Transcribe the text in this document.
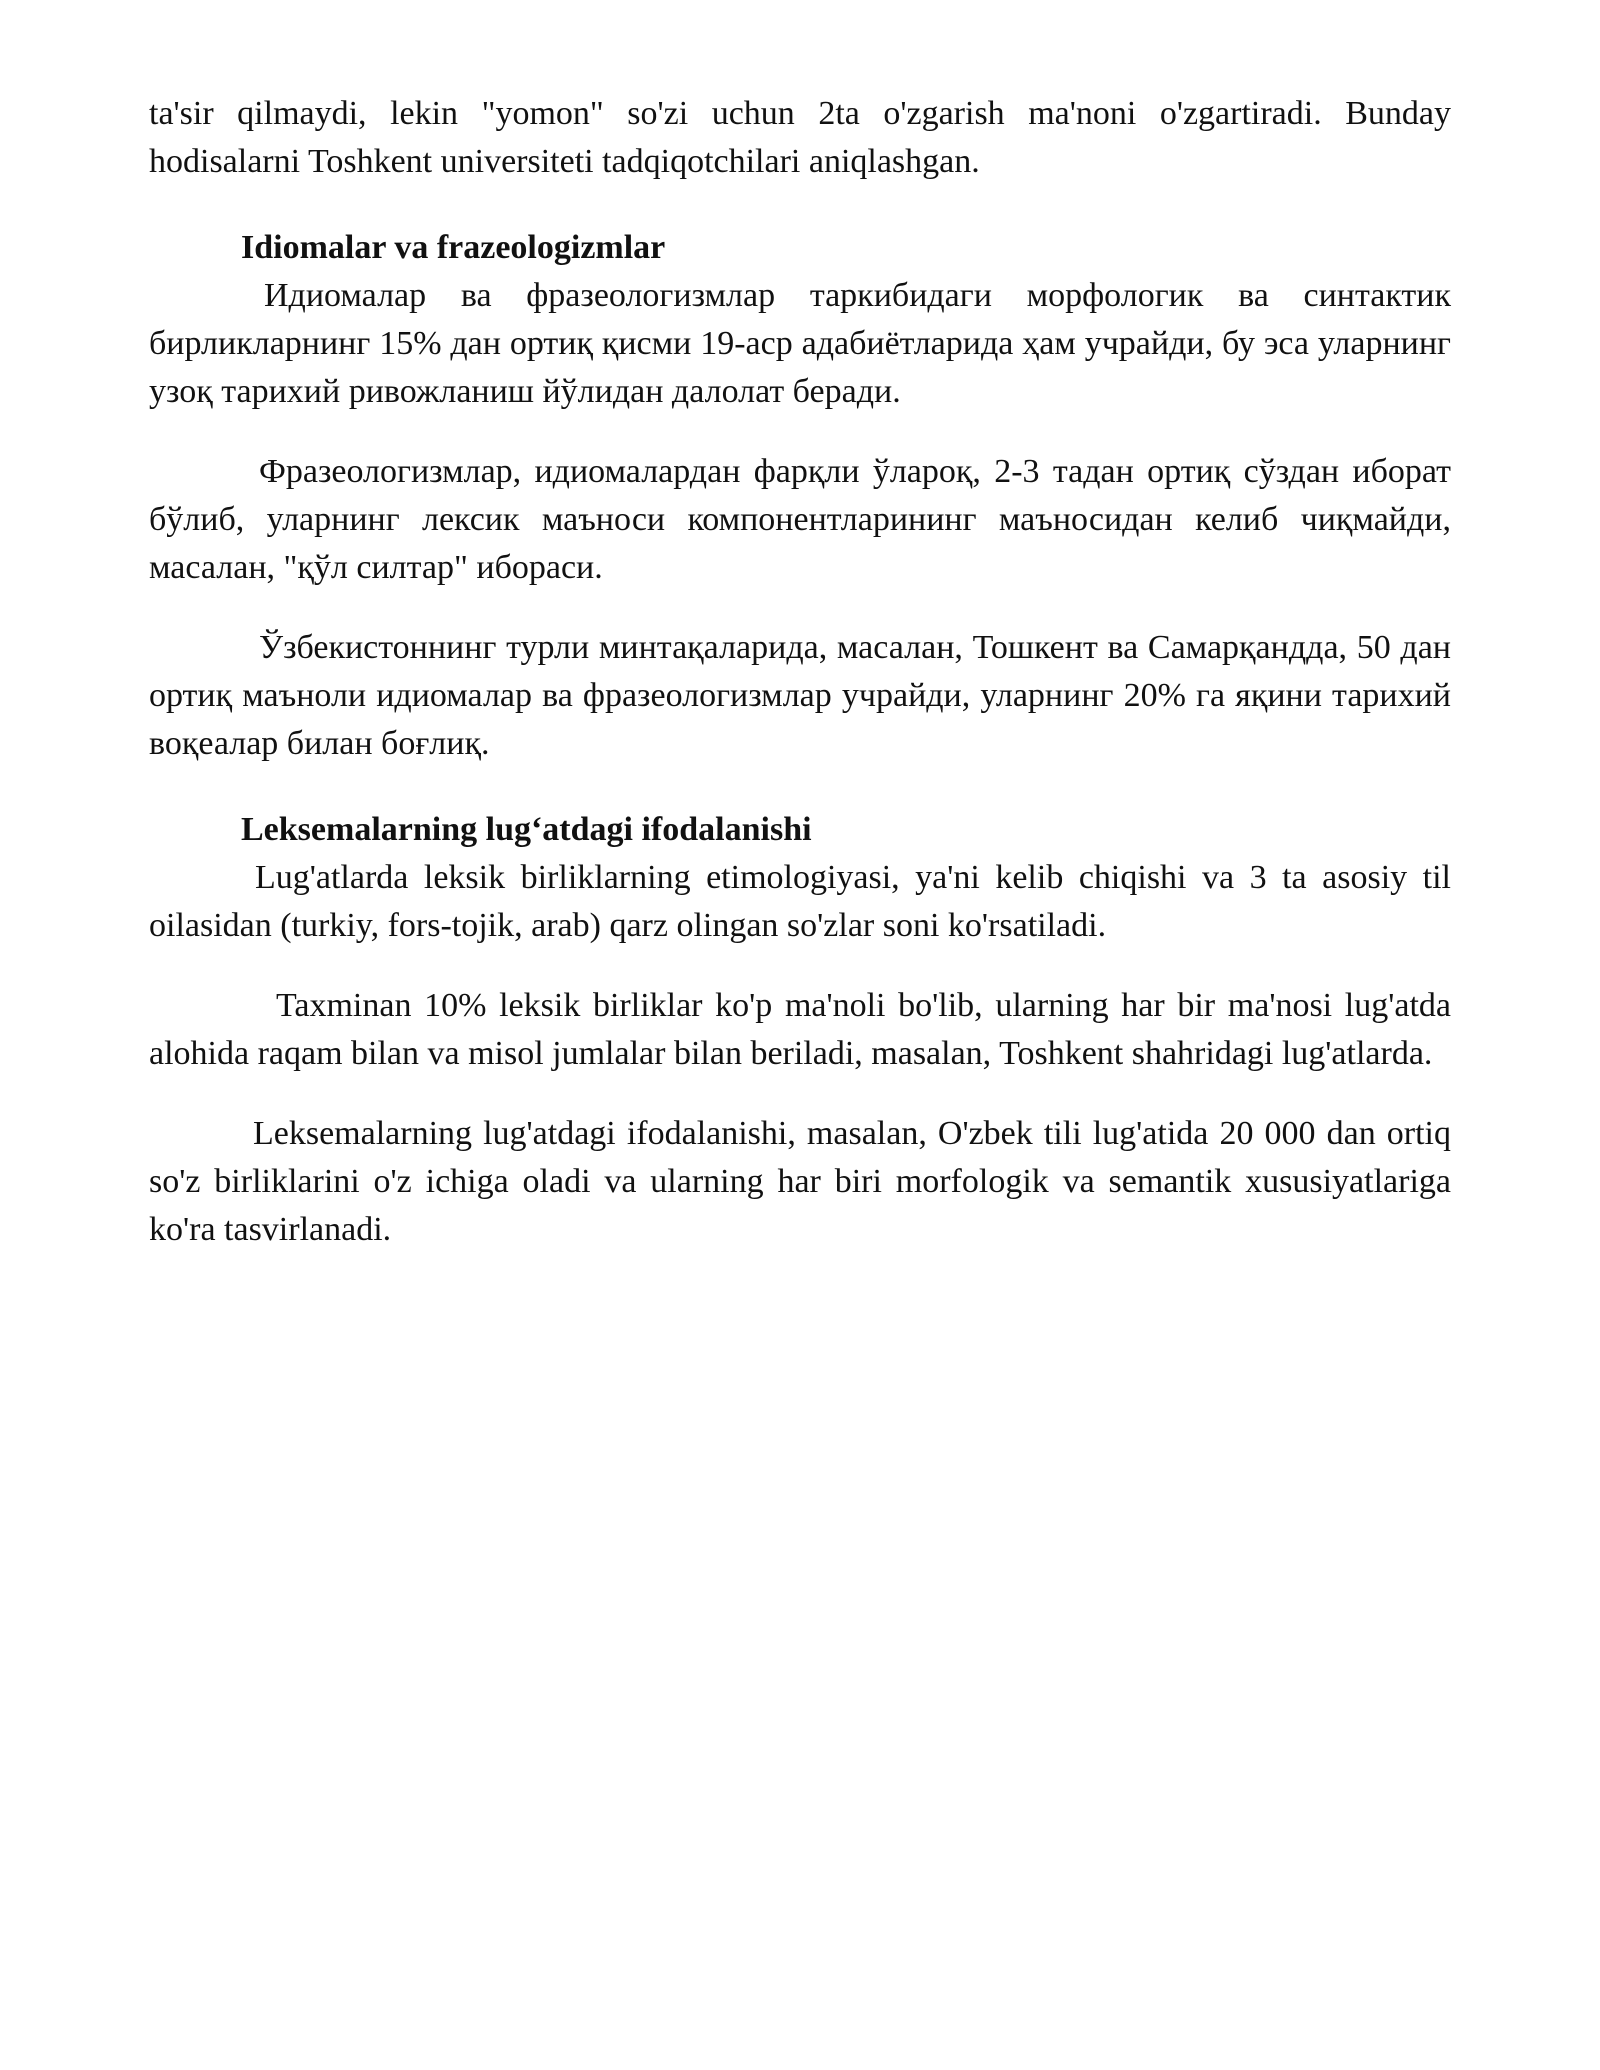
ta'sir qilmaydi, lekin "yomon" so'zi uchun 2ta o'zgarish ma'noni o'zgartiradi. Bunday hodisalarni Toshkent universiteti tadqiqotchilari aniqlashgan.

Idiomalar va frazeologizmlar

Идиомалар ва фразеологизмлар таркибидаги морфологик ва синтактик бирликларнинг 15% дан ортиқ қисми 19-аср адабиётларида ҳам учрайди, бу эса уларнинг узоқ тарихий ривожланиш йўлидан далолат беради.

Фразеологизмлар, идиомалардан фарқли ўлароқ, 2-3 тадан ортиқ сўздан иборат бўлиб, уларнинг лексик маъноси компонентларининг маъносидан келиб чиқмайди, масалан, "қўл силтар" ибораси.

Ўзбекистоннинг турли минтақаларида, масалан, Тошкент ва Самарқандда, 50 дан ортиқ маъноли идиомалар ва фразеологизмлар учрайди, уларнинг 20% га яқини тарихий воқеалар билан боғлиқ.

Leksemalarning lug‘atdagi ifodalanishi

Lug'atlarda leksik birliklarning etimologiyasi, ya'ni kelib chiqishi va 3 ta asosiy til oilasidan (turkiy, fors-tojik, arab) qarz olingan so'zlar soni ko'rsatiladi.

Taxminan 10% leksik birliklar ko'p ma'noli bo'lib, ularning har bir ma'nosi lug'atda alohida raqam bilan va misol jumlalar bilan beriladi, masalan, Toshkent shahridagi lug'atlarda.

Leksemalarning lug'atdagi ifodalanishi, masalan, O'zbek tili lug'atida 20 000 dan ortiq so'z birliklarini o'z ichiga oladi va ularning har biri morfologik va semantik xususiyatlariga ko'ra tasvirlanadi.
